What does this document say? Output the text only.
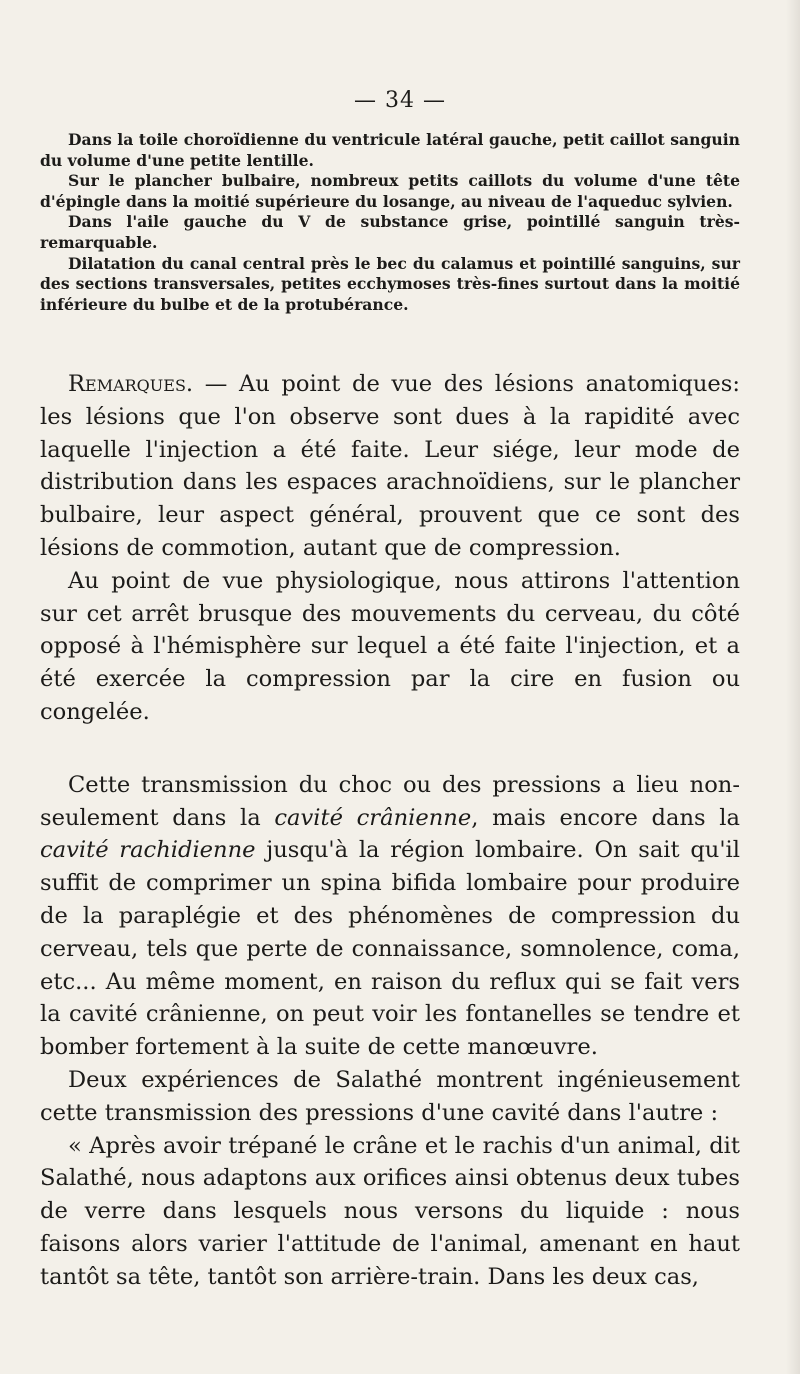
— 34 —

Dans la toile choroïdienne du ventricule latéral gauche, petit caillot sanguin du volume d'une petite lentille.

Sur le plancher bulbaire, nombreux petits caillots du volume d'une tête d'épingle dans la moitié supérieure du losange, au niveau de l'aqueduc sylvien.

Dans l'aile gauche du V de substance grise, pointillé sanguin très-remarquable.

Dilatation du canal central près le bec du calamus et pointillé sanguins, sur des sections transversales, petites ecchymoses très-fines surtout dans la moitié inférieure du bulbe et de la protubérance.

Remarques. — Au point de vue des lésions anatomiques: les lésions que l'on observe sont dues à la rapidité avec laquelle l'injection a été faite. Leur siége, leur mode de distribution dans les espaces arachnoïdiens, sur le plancher bulbaire, leur aspect général, prouvent que ce sont des lésions de commotion, autant que de compression.

Au point de vue physiologique, nous attirons l'attention sur cet arrêt brusque des mouvements du cerveau, du côté opposé à l'hémisphère sur lequel a été faite l'injection, et a été exercée la compression par la cire en fusion ou congelée.

Cette transmission du choc ou des pressions a lieu non-seulement dans la cavité crânienne, mais encore dans la cavité rachidienne jusqu'à la région lombaire. On sait qu'il suffit de comprimer un spina bifida lombaire pour produire de la paraplégie et des phénomènes de compression du cerveau, tels que perte de connaissance, somnolence, coma, etc... Au même moment, en raison du reflux qui se fait vers la cavité crânienne, on peut voir les fontanelles se tendre et bomber fortement à la suite de cette manœuvre.

Deux expériences de Salathé montrent ingénieusement cette transmission des pressions d'une cavité dans l'autre :

« Après avoir trépané le crâne et le rachis d'un animal, dit Salathé, nous adaptons aux orifices ainsi obtenus deux tubes de verre dans lesquels nous versons du liquide : nous faisons alors varier l'attitude de l'animal, amenant en haut tantôt sa tête, tantôt son arrière-train. Dans les deux cas,
